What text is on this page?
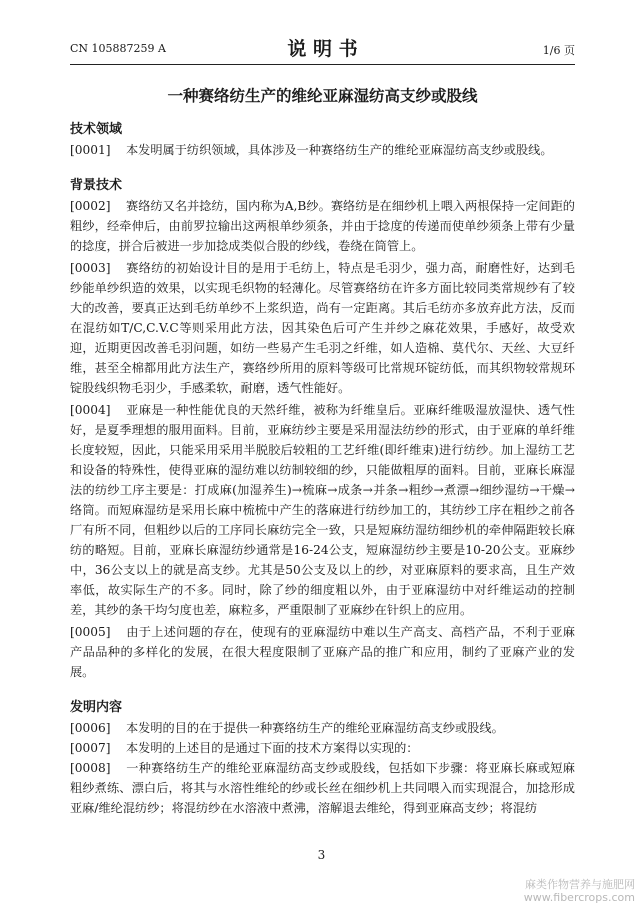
CN 105887259 A	说 明 书	1/6 页
一种赛络纺生产的维纶亚麻湿纺高支纱或股线
技术领域

[0001] 本发明属于纺织领域，具体涉及一种赛络纺生产的维纶亚麻湿纺高支纱或股线。

背景技术

[0002] 赛络纺又名并捻纺，国内称为A,B纱。赛络纺是在细纱机上喂入两根保持一定间距的粗纱，经牵伸后，由前罗拉输出这两根单纱须条，并由于捻度的传递而使单纱须条上带有少量的捻度，拼合后被进一步加捻成类似合股的纱线，卷绕在筒管上。

[0003] 赛络纺的初始设计目的是用于毛纺上，特点是毛羽少，强力高，耐磨性好，达到毛纱能单纱织造的效果，以实现毛织物的轻薄化。尽管赛络纺在许多方面比较同类常规纱有了较大的改善，要真正达到毛纺单纱不上浆织造，尚有一定距离。其后毛纺亦多放弃此方法，反而在混纺如T/C,C.V.C等则采用此方法，因其染色后可产生并纱之麻花效果，手感好，故受欢迎，近期更因改善毛羽问题，如纺一些易产生毛羽之纤维，如人造棉、莫代尔、天丝、大豆纤维，甚至全棉都用此方法生产，赛络纱所用的原料等级可比常规环锭纺低，而其织物较常规环锭股线织物毛羽少，手感柔软，耐磨，透气性能好。

[0004] 亚麻是一种性能优良的天然纤维，被称为纤维皇后。亚麻纤维吸湿放湿快、透气性好，是夏季理想的服用面料。目前，亚麻纺纱主要是采用湿法纺纱的形式，由于亚麻的单纤维长度较短，因此，只能采用采用半脱胶后较粗的工艺纤维(即纤维束)进行纺纱。加上湿纺工艺和设备的特殊性，使得亚麻的湿纺难以纺制较细的纱，只能做粗厚的面料。目前，亚麻长麻湿法的纺纱工序主要是：打成麻(加湿养生)→梳麻→成条→并条→粗纱→煮漂→细纱湿纺→干燥→络筒。而短麻湿纺是采用长麻中梳梳中产生的落麻进行纺纱加工的，其纺纱工序在粗纱之前各厂有所不同，但粗纱以后的工序同长麻纺完全一致，只是短麻纺湿纺细纱机的牵伸隔距较长麻纺的略短。目前，亚麻长麻湿纺纱通常是16-24公支，短麻湿纺纱主要是10-20公支。亚麻纱中，36公支以上的就是高支纱。尤其是50公支及以上的纱，对亚麻原料的要求高，且生产效率低，故实际生产的不多。同时，除了纱的细度粗以外，由于亚麻湿纺中对纤维运动的控制差，其纱的条干均匀度也差，麻粒多，严重限制了亚麻纱在针织上的应用。

[0005] 由于上述问题的存在，使现有的亚麻湿纺中难以生产高支、高档产品，不利于亚麻产品品种的多样化的发展，在很大程度限制了亚麻产品的推广和应用，制约了亚麻产业的发展。

发明内容

[0006] 本发明的目的在于提供一种赛络纺生产的维纶亚麻湿纺高支纱或股线。

[0007] 本发明的上述目的是通过下面的技术方案得以实现的：

[0008] 一种赛络纺生产的维纶亚麻湿纺高支纱或股线，包括如下步骤：将亚麻长麻或短麻粗纱煮练、漂白后，将其与水溶性维纶的纱或长丝在细纱机上共同喂入而实现混合，加捻形成亚麻/维纶混纺纱；将混纺纱在水溶液中煮沸，溶解退去维纶，得到亚麻高支纱；将混纺

3
麻类作物营养与施肥网
www.fibercrops.com
